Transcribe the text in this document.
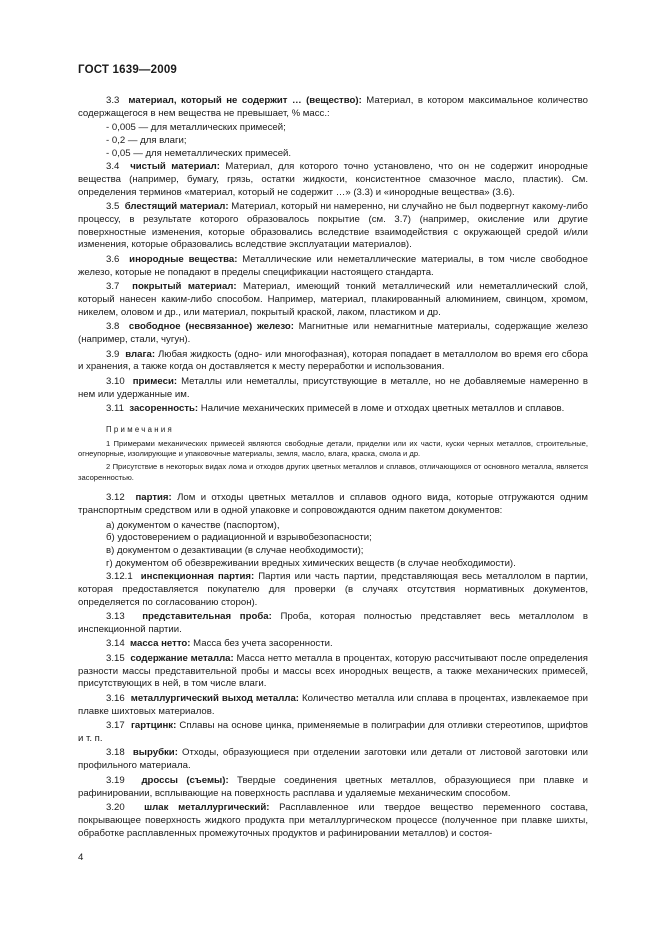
ГОСТ 1639—2009

3.3 материал, который не содержит … (вещество): Материал, в котором максимальное количество содержащегося в нем вещества не превышает, % масс.:

- 0,005 — для металлических примесей;

- 0,2 — для влаги;

- 0,05 — для неметаллических примесей.

3.4 чистый материал: Материал, для которого точно установлено, что он не содержит инородные вещества (например, бумагу, грязь, остатки жидкости, консистентное смазочное масло, пластик). См. определения терминов «материал, который не содержит …» (3.3) и «инородные вещества» (3.6).

3.5 блестящий материал: Материал, который ни намеренно, ни случайно не был подвергнут какому-либо процессу, в результате которого образовалось покрытие (см. 3.7) (например, окисление или другие поверхностные изменения, которые образовались вследствие взаимодействия с окружающей средой и/или изменения, которые образовались вследствие эксплуатации материалов).

3.6 инородные вещества: Металлические или неметаллические материалы, в том числе свободное железо, которые не попадают в пределы спецификации настоящего стандарта.

3.7 покрытый материал: Материал, имеющий тонкий металлический или неметаллический слой, который нанесен каким-либо способом. Например, материал, плакированный алюминием, свинцом, хромом, никелем, оловом и др., или материал, покрытый краской, лаком, пластиком и др.

3.8 свободное (несвязанное) железо: Магнитные или немагнитные материалы, содержащие железо (например, стали, чугун).

3.9 влага: Любая жидкость (одно- или многофазная), которая попадает в металлолом во время его сбора и хранения, а также когда он доставляется к месту переработки и использования.

3.10 примеси: Металлы или неметаллы, присутствующие в металле, но не добавляемые намеренно в нем или удержанные им.

3.11 засоренность: Наличие механических примесей в ломе и отходах цветных металлов и сплавов.

Примечания

1 Примерами механических примесей являются свободные детали, приделки или их части, куски черных металлов, строительные, огнеупорные, изолирующие и упаковочные материалы, земля, масло, влага, краска, смола и др.

2 Присутствие в некоторых видах лома и отходов других цветных металлов и сплавов, отличающихся от основного металла, является засоренностью.

3.12 партия: Лом и отходы цветных металлов и сплавов одного вида, которые отгружаются одним транспортным средством или в одной упаковке и сопровождаются одним пакетом документов:

а) документом о качестве (паспортом),

б) удостоверением о радиационной и взрывобезопасности;

в) документом о дезактивации (в случае необходимости);

г) документом об обезвреживании вредных химических веществ (в случае необходимости).

3.12.1 инспекционная партия: Партия или часть партии, представляющая весь металлолом в партии, которая предоставляется покупателю для проверки (в случаях отсутствия нормативных документов, определяется по согласованию сторон).

3.13 представительная проба: Проба, которая полностью представляет весь металлолом в инспекционной партии.

3.14 масса нетто: Масса без учета засоренности.

3.15 содержание металла: Масса нетто металла в процентах, которую рассчитывают после определения разности массы представительной пробы и массы всех инородных веществ, а также механических примесей, присутствующих в ней, в том числе влаги.

3.16 металлургический выход металла: Количество металла или сплава в процентах, извлекаемое при плавке шихтовых материалов.

3.17 гартцинк: Сплавы на основе цинка, применяемые в полиграфии для отливки стереотипов, шрифтов и т. п.

3.18 вырубки: Отходы, образующиеся при отделении заготовки или детали от листовой заготовки или профильного материала.

3.19 дроссы (съемы): Твердые соединения цветных металлов, образующиеся при плавке и рафинировании, всплывающие на поверхность расплава и удаляемые механическим способом.

3.20 шлак металлургический: Расплавленное или твердое вещество переменного состава, покрывающее поверхность жидкого продукта при металлургическом процессе (полученное при плавке шихты, обработке расплавленных промежуточных продуктов и рафинировании металлов) и состоя-

4
